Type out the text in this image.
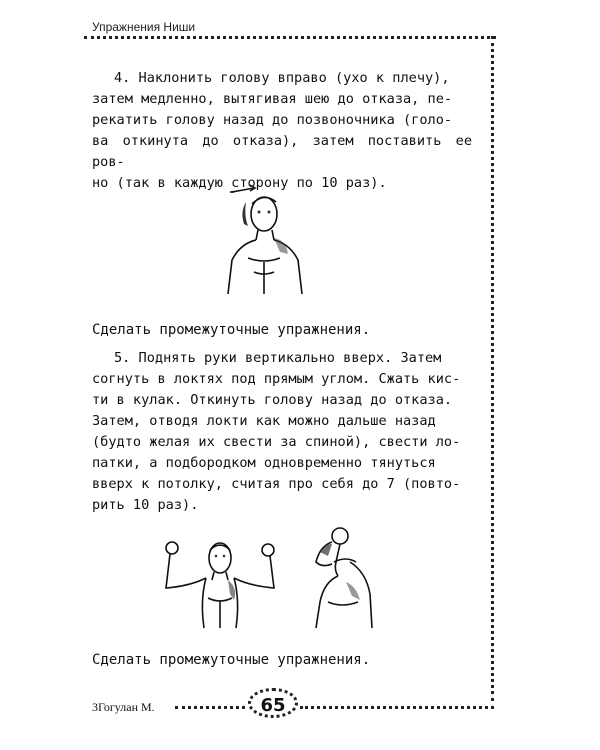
Упражнения Ниши
4. Наклонить голову вправо (ухо к плечу),
затем медленно, вытягивая шею до отказа, пе-
рекатить голову назад до позвоночника (голо-
ва откинута до отказа), затем поставить ее ров-
но (так в каждую сторону по 10 раз).
Сделать промежуточные упражнения.
5. Поднять руки вертикально вверх. Затем
согнуть в локтях под прямым углом. Сжать кис-
ти в кулак. Откинуть голову назад до отказа.
Затем, отводя локти как можно дальше назад
(будто желая их свести за спиной), свести ло-
патки, а подбородком одновременно тянуться
вверх к потолку, считая про себя до 7 (повто-
рить 10 раз).
Сделать промежуточные упражнения.
3Гогулан М.	65
